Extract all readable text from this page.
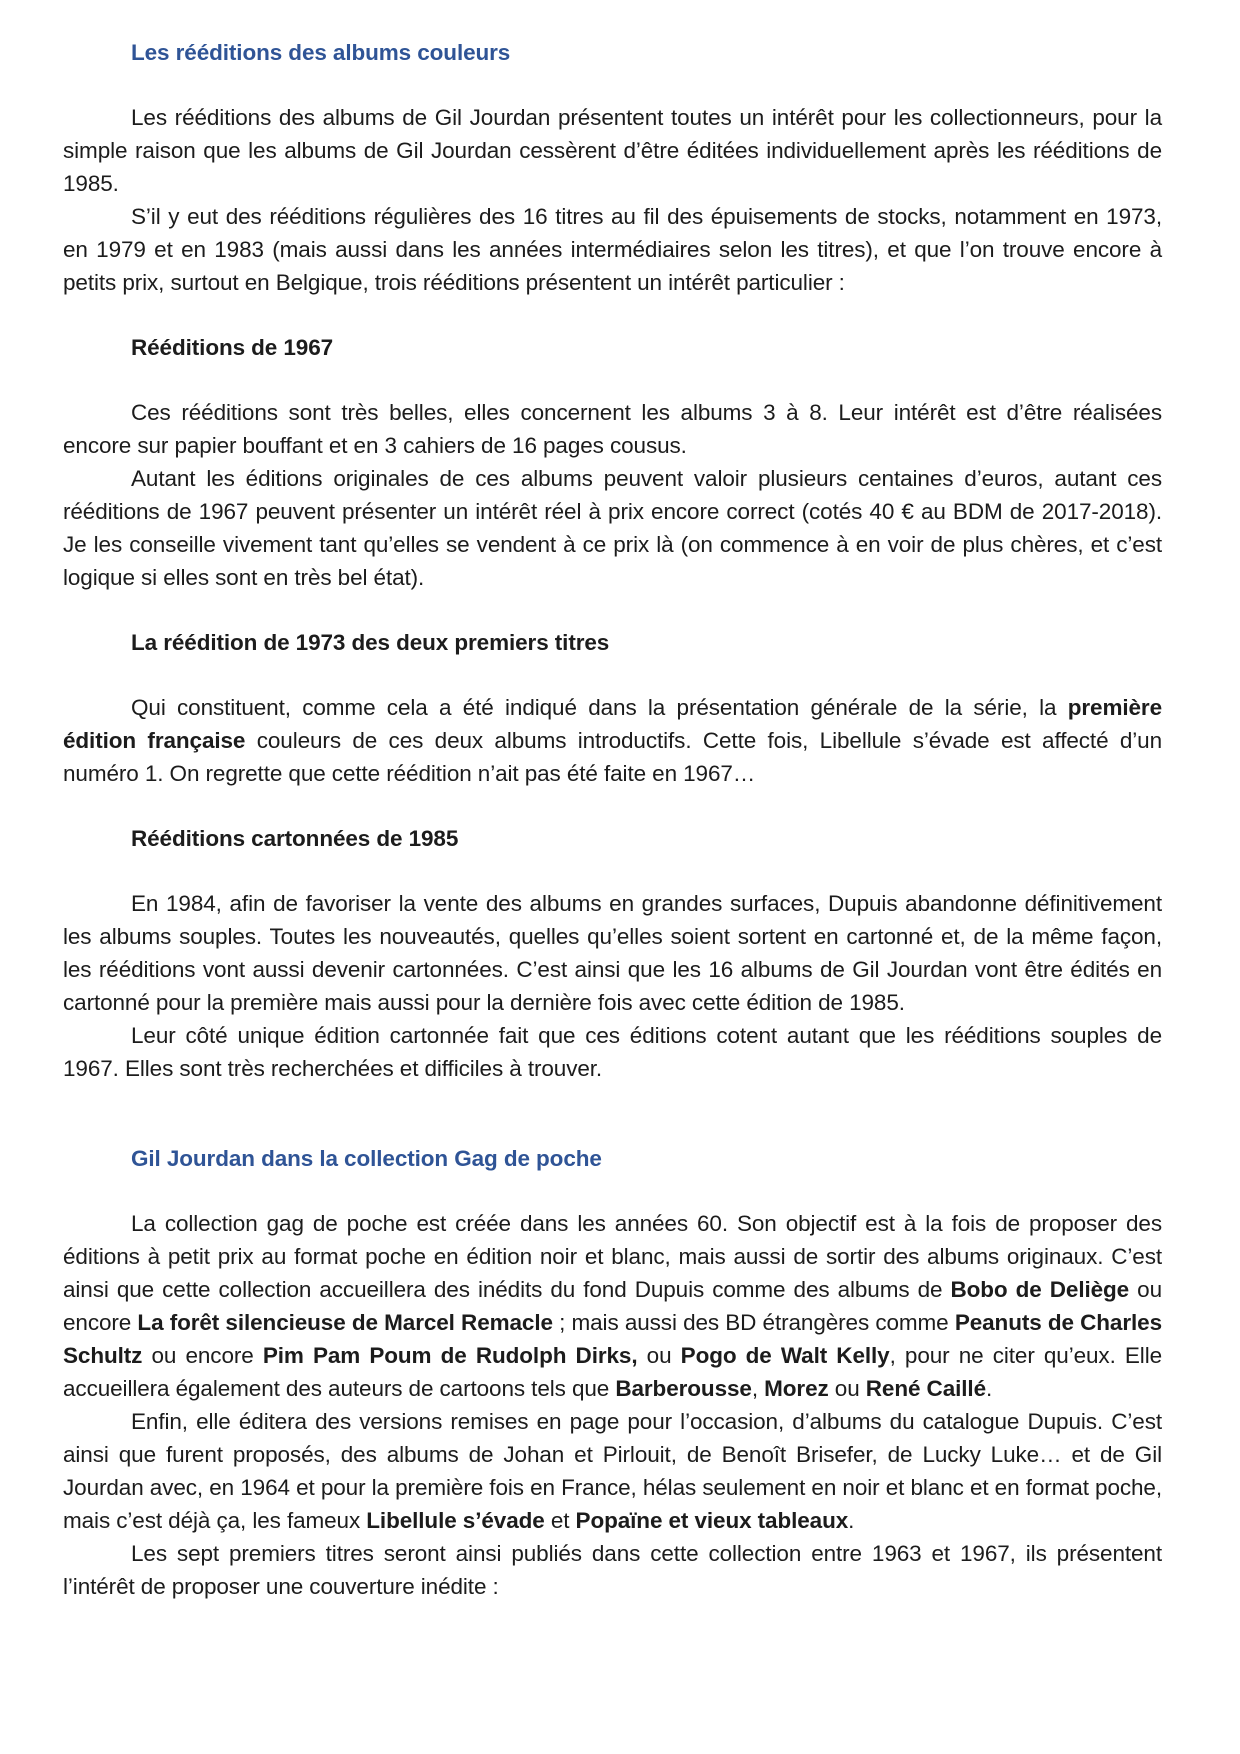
Les rééditions des albums couleurs

Les rééditions des albums de Gil Jourdan présentent toutes un intérêt pour les collectionneurs, pour la simple raison que les albums de Gil Jourdan cessèrent d’être éditées individuellement après les rééditions de 1985.

S’il y eut des rééditions régulières des 16 titres au fil des épuisements de stocks, notamment en 1973, en 1979 et en 1983 (mais aussi dans les années intermédiaires selon les titres), et que l’on trouve encore à petits prix, surtout en Belgique, trois rééditions présentent un intérêt particulier :

Rééditions de 1967

Ces rééditions sont très belles, elles concernent les albums 3 à 8. Leur intérêt est d’être réalisées encore sur papier bouffant et en 3 cahiers de 16 pages cousus.

Autant les éditions originales de ces albums peuvent valoir plusieurs centaines d’euros, autant ces rééditions de 1967 peuvent présenter un intérêt réel à prix encore correct (cotés 40 € au BDM de 2017-2018). Je les conseille vivement tant qu’elles se vendent à ce prix là (on commence à en voir de plus chères, et c’est logique si elles sont en très bel état).

La réédition de 1973 des deux premiers titres

Qui constituent, comme cela a été indiqué dans la présentation générale de la série, la première édition française couleurs de ces deux albums introductifs. Cette fois, Libellule s’évade est affecté d’un numéro 1. On regrette que cette réédition n’ait pas été faite en 1967…

Rééditions cartonnées de 1985

En 1984, afin de favoriser la vente des albums en grandes surfaces, Dupuis abandonne définitivement les albums souples. Toutes les nouveautés, quelles qu’elles soient sortent en cartonné et, de la même façon, les rééditions vont aussi devenir cartonnées. C’est ainsi que les 16 albums de Gil Jourdan vont être édités en cartonné pour la première mais aussi pour la dernière fois avec cette édition de 1985.

Leur côté unique édition cartonnée fait que ces éditions cotent autant que les rééditions souples de 1967. Elles sont très recherchées et difficiles à trouver.

Gil Jourdan dans la collection Gag de poche

La collection gag de poche est créée dans les années 60. Son objectif est à la fois de proposer des éditions à petit prix au format poche en édition noir et blanc, mais aussi de sortir des albums originaux. C’est ainsi que cette collection accueillera des inédits du fond Dupuis comme des albums de Bobo de Deliège ou encore La forêt silencieuse de Marcel Remacle ; mais aussi des BD étrangères comme Peanuts de Charles Schultz ou encore Pim Pam Poum de Rudolph Dirks, ou Pogo de Walt Kelly, pour ne citer qu’eux. Elle accueillera également des auteurs de cartoons tels que Barberousse, Morez ou René Caillé.

Enfin, elle éditera des versions remises en page pour l’occasion, d’albums du catalogue Dupuis. C’est ainsi que furent proposés, des albums de Johan et Pirlouit, de Benoît Brisefer, de Lucky Luke… et de Gil Jourdan avec, en 1964 et pour la première fois en France, hélas seulement en noir et blanc et en format poche, mais c’est déjà ça, les fameux Libellule s’évade et Popaïne et vieux tableaux.

Les sept premiers titres seront ainsi publiés dans cette collection entre 1963 et 1967, ils présentent l’intérêt de proposer une couverture inédite :
